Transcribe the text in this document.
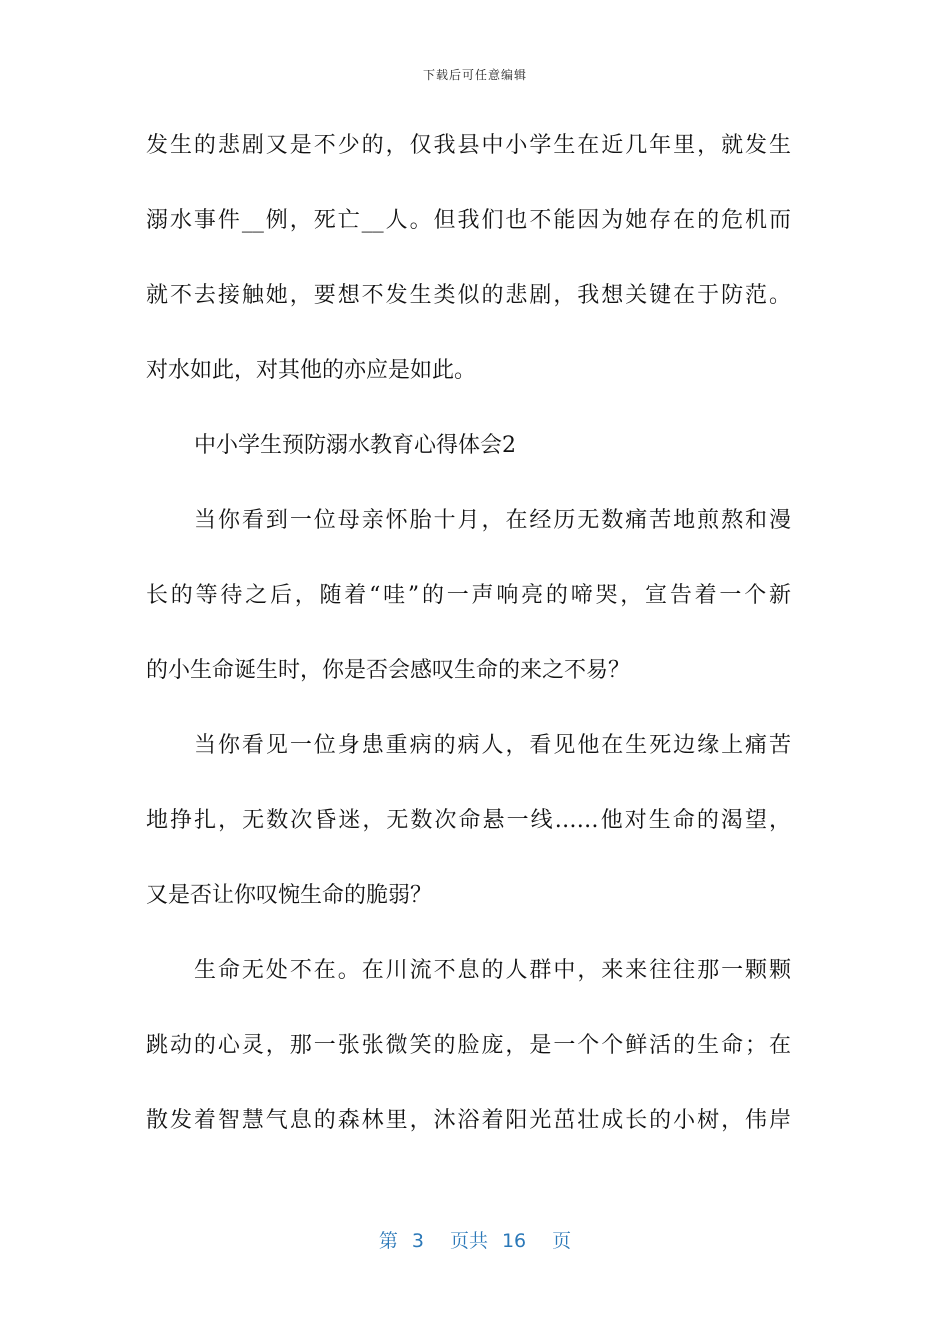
下载后可任意编辑
发生的悲剧又是不少的，仅我县中小学生在近几年里，就发生
溺水事件__例，死亡__人。但我们也不能因为她存在的危机而
就不去接触她，要想不发生类似的悲剧，我想关键在于防范。
对水如此，对其他的亦应是如此。
中小学生预防溺水教育心得体会2
当你看到一位母亲怀胎十月，在经历无数痛苦地煎熬和漫
长的等待之后，随着“哇”的一声响亮的啼哭，宣告着一个新
的小生命诞生时，你是否会感叹生命的来之不易？
当你看见一位身患重病的病人，看见他在生死边缘上痛苦
地挣扎，无数次昏迷，无数次命悬一线……他对生命的渴望，
又是否让你叹惋生命的脆弱？
生命无处不在。在川流不息的人群中，来来往往那一颗颗
跳动的心灵，那一张张微笑的脸庞，是一个个鲜活的生命；在
散发着智慧气息的森林里，沐浴着阳光茁壮成长的小树，伟岸
第 3 页共 16 页
